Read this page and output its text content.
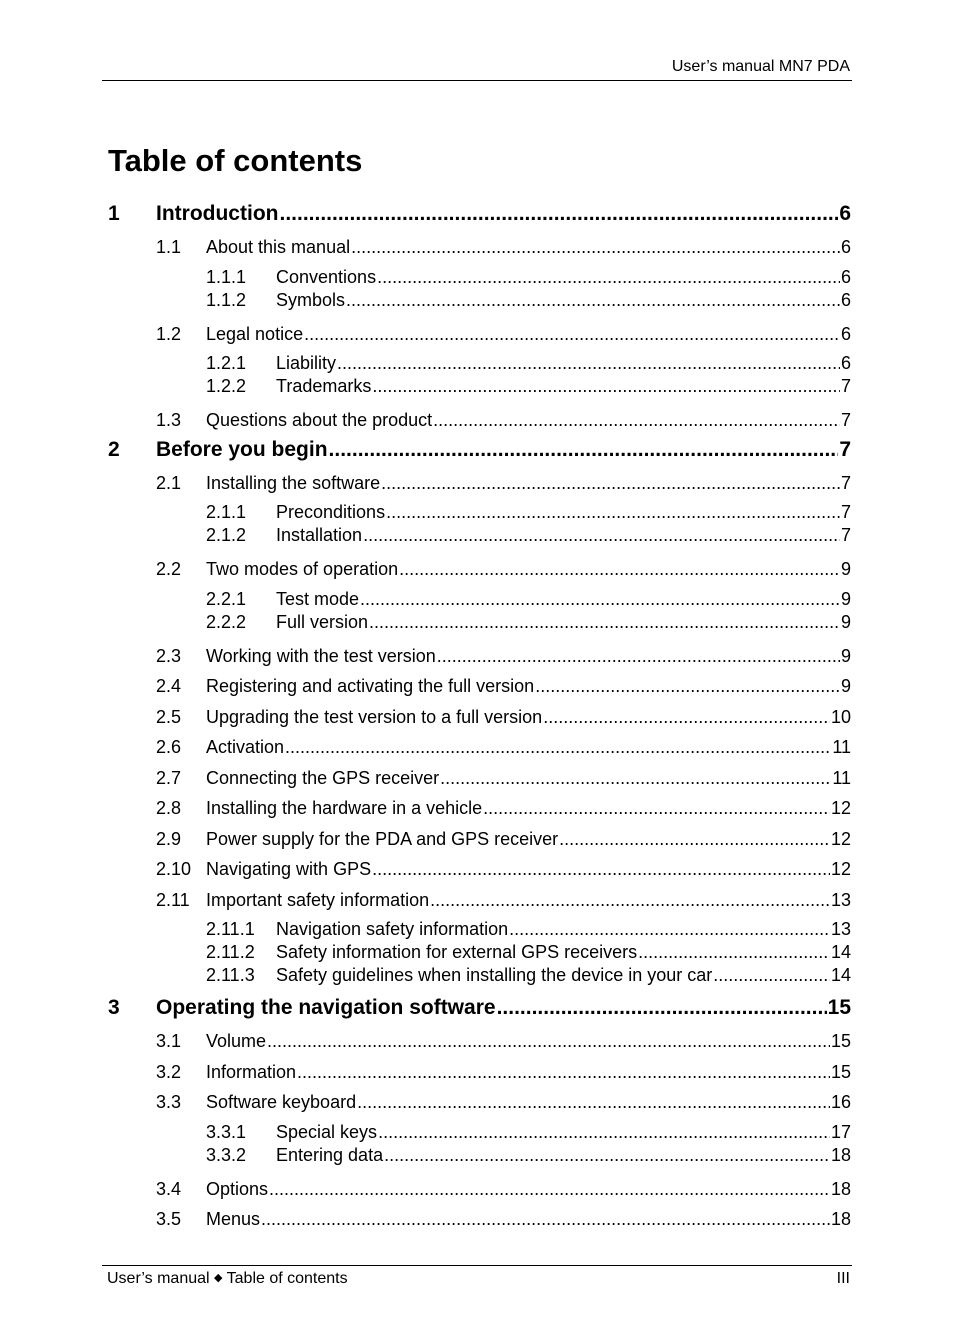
User’s manual MN7 PDA
Table of contents
1	Introduction .....	6
1.1	About this manual .....	6
1.1.1	Conventions .....	6
1.1.2	Symbols .....	6
1.2	Legal notice .....	6
1.2.1	Liability .....	6
1.2.2	Trademarks .....	7
1.3	Questions about the product .....	7
2	Before you begin .....	7
2.1	Installing the software .....	7
2.1.1	Preconditions .....	7
2.1.2	Installation .....	7
2.2	Two modes of operation .....	9
2.2.1	Test mode .....	9
2.2.2	Full version .....	9
2.3	Working with the test version .....	9
2.4	Registering and activating the full version .....	9
2.5	Upgrading the test version to a full version .....	10
2.6	Activation .....	11
2.7	Connecting the GPS receiver .....	11
2.8	Installing the hardware in a vehicle .....	12
2.9	Power supply for the PDA and GPS receiver .....	12
2.10 Navigating with GPS .....	12
2.11 Important safety information .....	13
2.11.1	Navigation safety information .....	13
2.11.2	Safety information for external GPS receivers .....	14
2.11.3	Safety guidelines when installing the device in your car .....	14
3	Operating the navigation software .....	15
3.1	Volume .....	15
3.2	Information .....	15
3.3	Software keyboard .....	16
3.3.1	Special keys .....	17
3.3.2	Entering data .....	18
3.4	Options .....	18
3.5	Menus .....	18
User’s manual ◆ Table of contents	III
